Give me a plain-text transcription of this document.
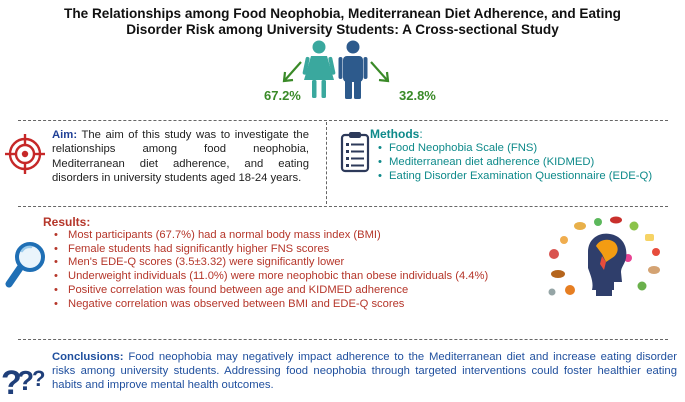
The Relationships among Food Neophobia, Mediterranean Diet Adherence, and Eating Disorder Risk among University Students: A Cross-sectional Study
67.2%	32.8%
Aim: The aim of this study was to investigate the relationships among food neophobia, Mediterranean diet adherence, and eating disorders in university students aged 18-24 years.
Methods:
• Food Neophobia Scale (FNS)
• Mediterranean diet adherence (KIDMED)
• Eating Disorder Examination Questionnaire (EDE-Q)
Results:
• Most participants (67.7%) had a normal body mass index (BMI)
• Female students had significantly higher FNS scores
• Men's EDE-Q scores (3.5±3.32) were significantly lower
• Underweight individuals (11.0%) were more neophobic than obese individuals (4.4%)
• Positive correlation was found between age and KIDMED adherence
• Negative correlation was observed between BMI and EDE-Q scores
?
?
?
Conclusions: Food neophobia may negatively impact adherence to the Mediterranean diet and increase eating disorder risks among university students. Addressing food neophobia through targeted interventions could foster healthier eating habits and improve mental health outcomes.
